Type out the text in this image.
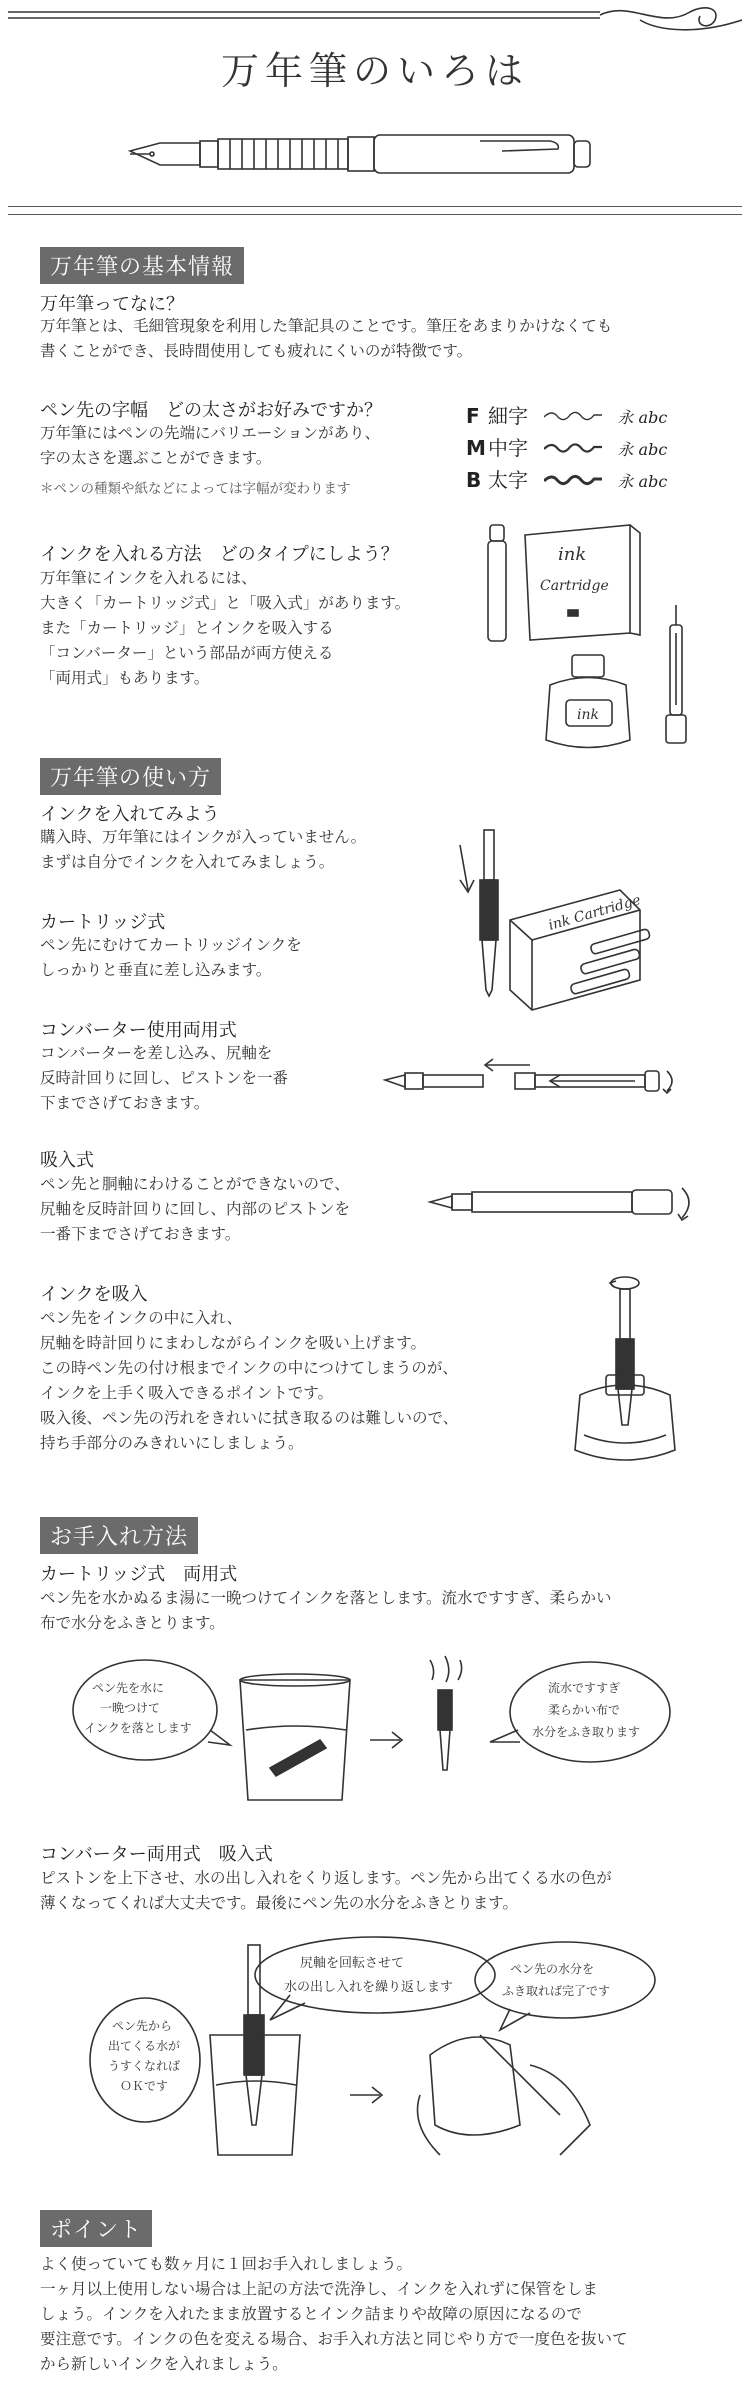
万年筆のいろは
万年筆の基本情報
万年筆ってなに？
万年筆とは、毛細管現象を利用した筆記具のことです。筆圧をあまりかけなくても
書くことができ、長時間使用しても疲れにくいのが特徴です。
ペン先の字幅　どの太さがお好みですか？
万年筆にはペンの先端にバリエーションがあり、
字の太さを選ぶことができます。
＊ペンの種類や紙などによっては字幅が変わります
F 細字	永 abc
M 中字	永 abc
B 太字	永 abc
インクを入れる方法　どのタイプにしよう？
万年筆にインクを入れるには、
大きく「カートリッジ式」と「吸入式」があります。
また「カートリッジ」とインクを吸入する
「コンバーター」という部品が両方使える
「両用式」もあります。
ink
Cartridge
ink
万年筆の使い方
インクを入れてみよう
購入時、万年筆にはインクが入っていません。
まずは自分でインクを入れてみましょう。
カートリッジ式
ペン先にむけてカートリッジインクを
しっかりと垂直に差し込みます。
ink Cartridge
コンバーター使用両用式
コンバーターを差し込み、尻軸を
反時計回りに回し、ピストンを一番
下までさげておきます。
吸入式
ペン先と胴軸にわけることができないので、
尻軸を反時計回りに回し、内部のピストンを
一番下までさげておきます。
インクを吸入
ペン先をインクの中に入れ、
尻軸を時計回りにまわしながらインクを吸い上げます。
この時ペン先の付け根までインクの中につけてしまうのが、
インクを上手く吸入できるポイントです。
吸入後、ペン先の汚れをきれいに拭き取るのは難しいので、
持ち手部分のみきれいにしましょう。
お手入れ方法
カートリッジ式　両用式
ペン先を水かぬるま湯に一晩つけてインクを落とします。流水ですすぎ、柔らかい
布で水分をふきとります。
ペン先を水に
一晩つけて
インクを落とします
流水ですすぎ
柔らかい布で
水分をふき取ります
コンバーター両用式　吸入式
ピストンを上下させ、水の出し入れをくり返します。ペン先から出てくる水の色が
薄くなってくれば大丈夫です。最後にペン先の水分をふきとります。
尻軸を回転させて
水の出し入れを繰り返します
ペン先から
出てくる水が
うすくなれば
ＯＫです
ペン先の水分を
ふき取れば完了です
ポイント
よく使っていても数ヶ月に１回お手入れしましょう。
一ヶ月以上使用しない場合は上記の方法で洗浄し、インクを入れずに保管をしま
しょう。インクを入れたまま放置するとインク詰まりや故障の原因になるので
要注意です。インクの色を変える場合、お手入れ方法と同じやり方で一度色を抜いて
から新しいインクを入れましょう。
